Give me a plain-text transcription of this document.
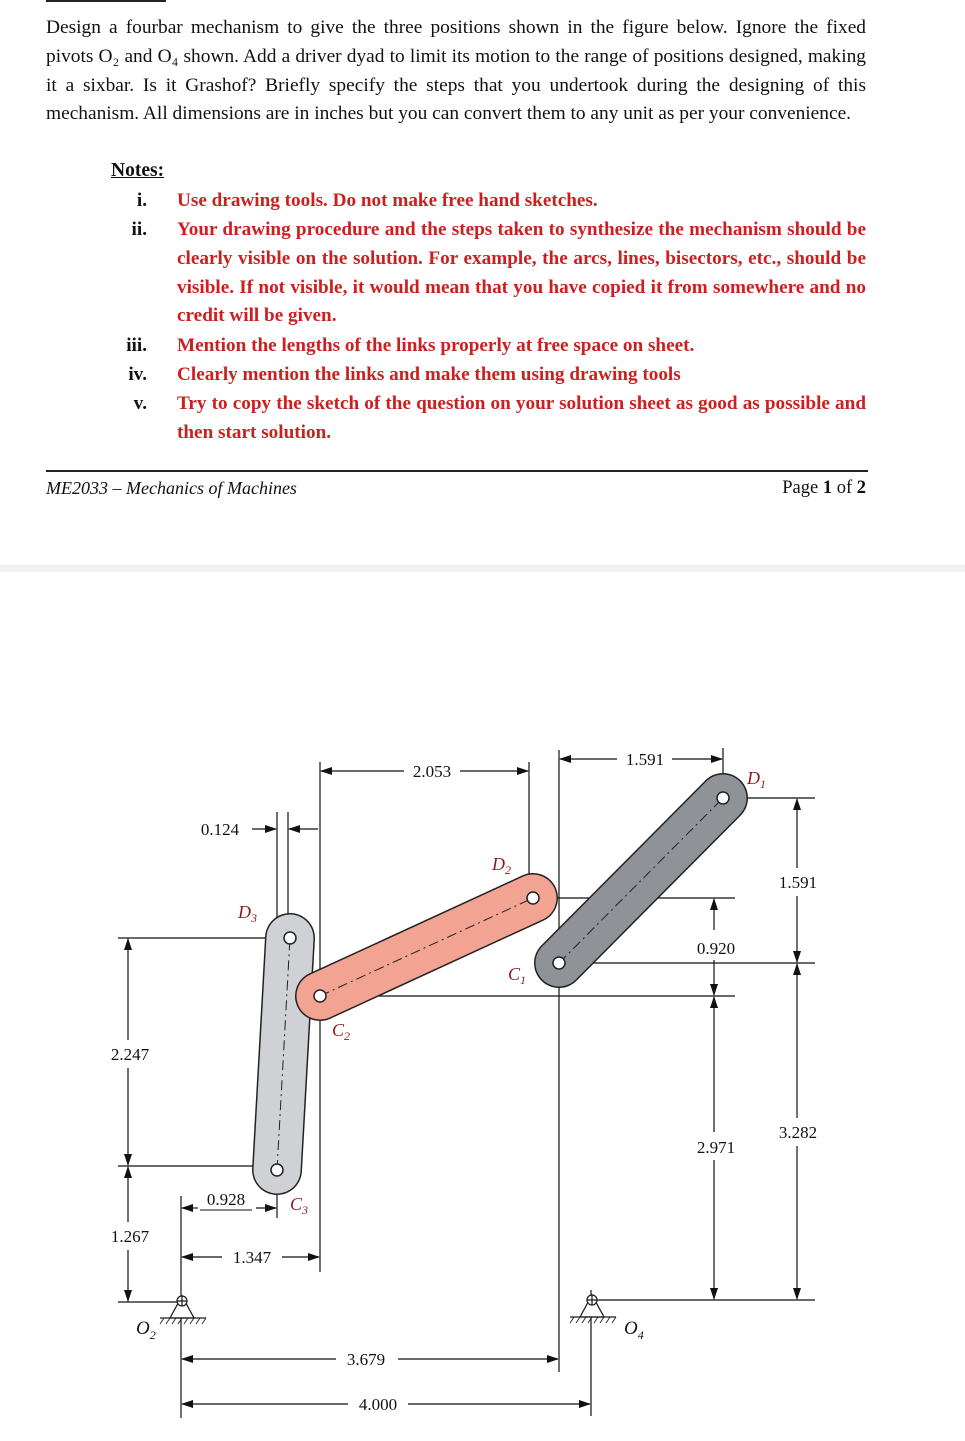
Design a fourbar mechanism to give the three positions shown in the figure below. Ignore the fixed pivots O₂ and O₄ shown. Add a driver dyad to limit its motion to the range of positions designed, making it a sixbar. Is it Grashof? Briefly specify the steps that you undertook during the designing of this mechanism. All dimensions are in inches but you can convert them to any unit as per your convenience.
Notes:
i. Use drawing tools. Do not make free hand sketches.
ii. Your drawing procedure and the steps taken to synthesize the mechanism should be clearly visible on the solution. For example, the arcs, lines, bisectors, etc., should be visible. If not visible, it would mean that you have copied it from somewhere and no credit will be given.
iii. Mention the lengths of the links properly at free space on sheet.
iv. Clearly mention the links and make them using drawing tools
v. Try to copy the sketch of the question on your solution sheet as good as possible and then start solution.
ME2033 – Mechanics of Machines	Page 1 of 2
2.053
1.591
0.124
2.247
1.267
0.928
1.347
3.679
4.000
1.591
3.282
0.920
2.971
$D_1$
$D_2$
$D_3$
$C_1$
$C_2$
$C_3$
$O_2$	$O_4$
